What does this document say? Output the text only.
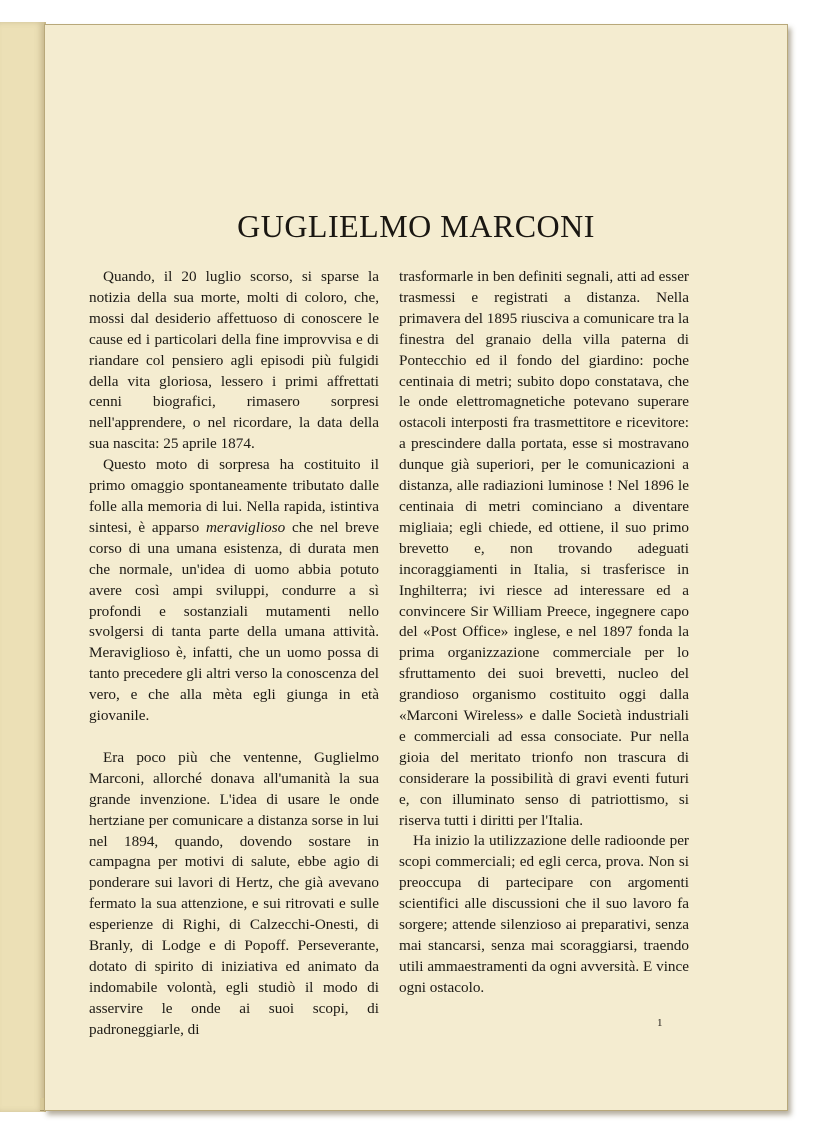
GUGLIELMO MARCONI

Quando, il 20 luglio scorso, si sparse la notizia della sua morte, molti di coloro, che, mossi dal desiderio affettuoso di conoscere le cause ed i particolari della fine improvvisa e di riandare col pensiero agli episodi più fulgidi della vita gloriosa, lessero i primi affrettati cenni biografici, rimasero sorpresi nell'apprendere, o nel ricordare, la data della sua nascita: 25 aprile 1874.

Questo moto di sorpresa ha costituito il primo omaggio spontaneamente tributato dalle folle alla memoria di lui. Nella rapida, istintiva sintesi, è apparso meraviglioso che nel breve corso di una umana esistenza, di durata men che normale, un'idea di uomo abbia potuto avere così ampi sviluppi, condurre a sì profondi e sostanziali mutamenti nello svolgersi di tanta parte della umana attività. Meraviglioso è, infatti, che un uomo possa di tanto precedere gli altri verso la conoscenza del vero, e che alla mèta egli giunga in età giovanile.

Era poco più che ventenne, Guglielmo Marconi, allorché donava all'umanità la sua grande invenzione. L'idea di usare le onde hertziane per comunicare a distanza sorse in lui nel 1894, quando, dovendo sostare in campagna per motivi di salute, ebbe agio di ponderare sui lavori di Hertz, che già avevano fermato la sua attenzione, e sui ritrovati e sulle esperienze di Righi, di Calzecchi-Onesti, di Branly, di Lodge e di Popoff. Perseverante, dotato di spirito di iniziativa ed animato da indomabile volontà, egli studiò il modo di asservire le onde ai suoi scopi, di padroneggiarle, di

trasformarle in ben definiti segnali, atti ad esser trasmessi e registrati a distanza. Nella primavera del 1895 riusciva a comunicare tra la finestra del granaio della villa paterna di Pontecchio ed il fondo del giardino: poche centinaia di metri; subito dopo constatava, che le onde elettromagnetiche potevano superare ostacoli interposti fra trasmettitore e ricevitore: a prescindere dalla portata, esse si mostravano dunque già superiori, per le comunicazioni a distanza, alle radiazioni luminose ! Nel 1896 le centinaia di metri cominciano a diventare migliaia; egli chiede, ed ottiene, il suo primo brevetto e, non trovando adeguati incoraggiamenti in Italia, si trasferisce in Inghilterra; ivi riesce ad interessare ed a convincere Sir William Preece, ingegnere capo del «Post Office» inglese, e nel 1897 fonda la prima organizzazione commerciale per lo sfruttamento dei suoi brevetti, nucleo del grandioso organismo costituito oggi dalla «Marconi Wireless» e dalle Società industriali e commerciali ad essa consociate. Pur nella gioia del meritato trionfo non trascura di considerare la possibilità di gravi eventi futuri e, con illuminato senso di patriottismo, si riserva tutti i diritti per l'Italia.

Ha inizio la utilizzazione delle radioonde per scopi commerciali; ed egli cerca, prova. Non si preoccupa di partecipare con argomenti scientifici alle discussioni che il suo lavoro fa sorgere; attende silenzioso ai preparativi, senza mai stancarsi, senza mai scoraggiarsi, traendo utili ammaestramenti da ogni avversità. E vince ogni ostacolo.

1
